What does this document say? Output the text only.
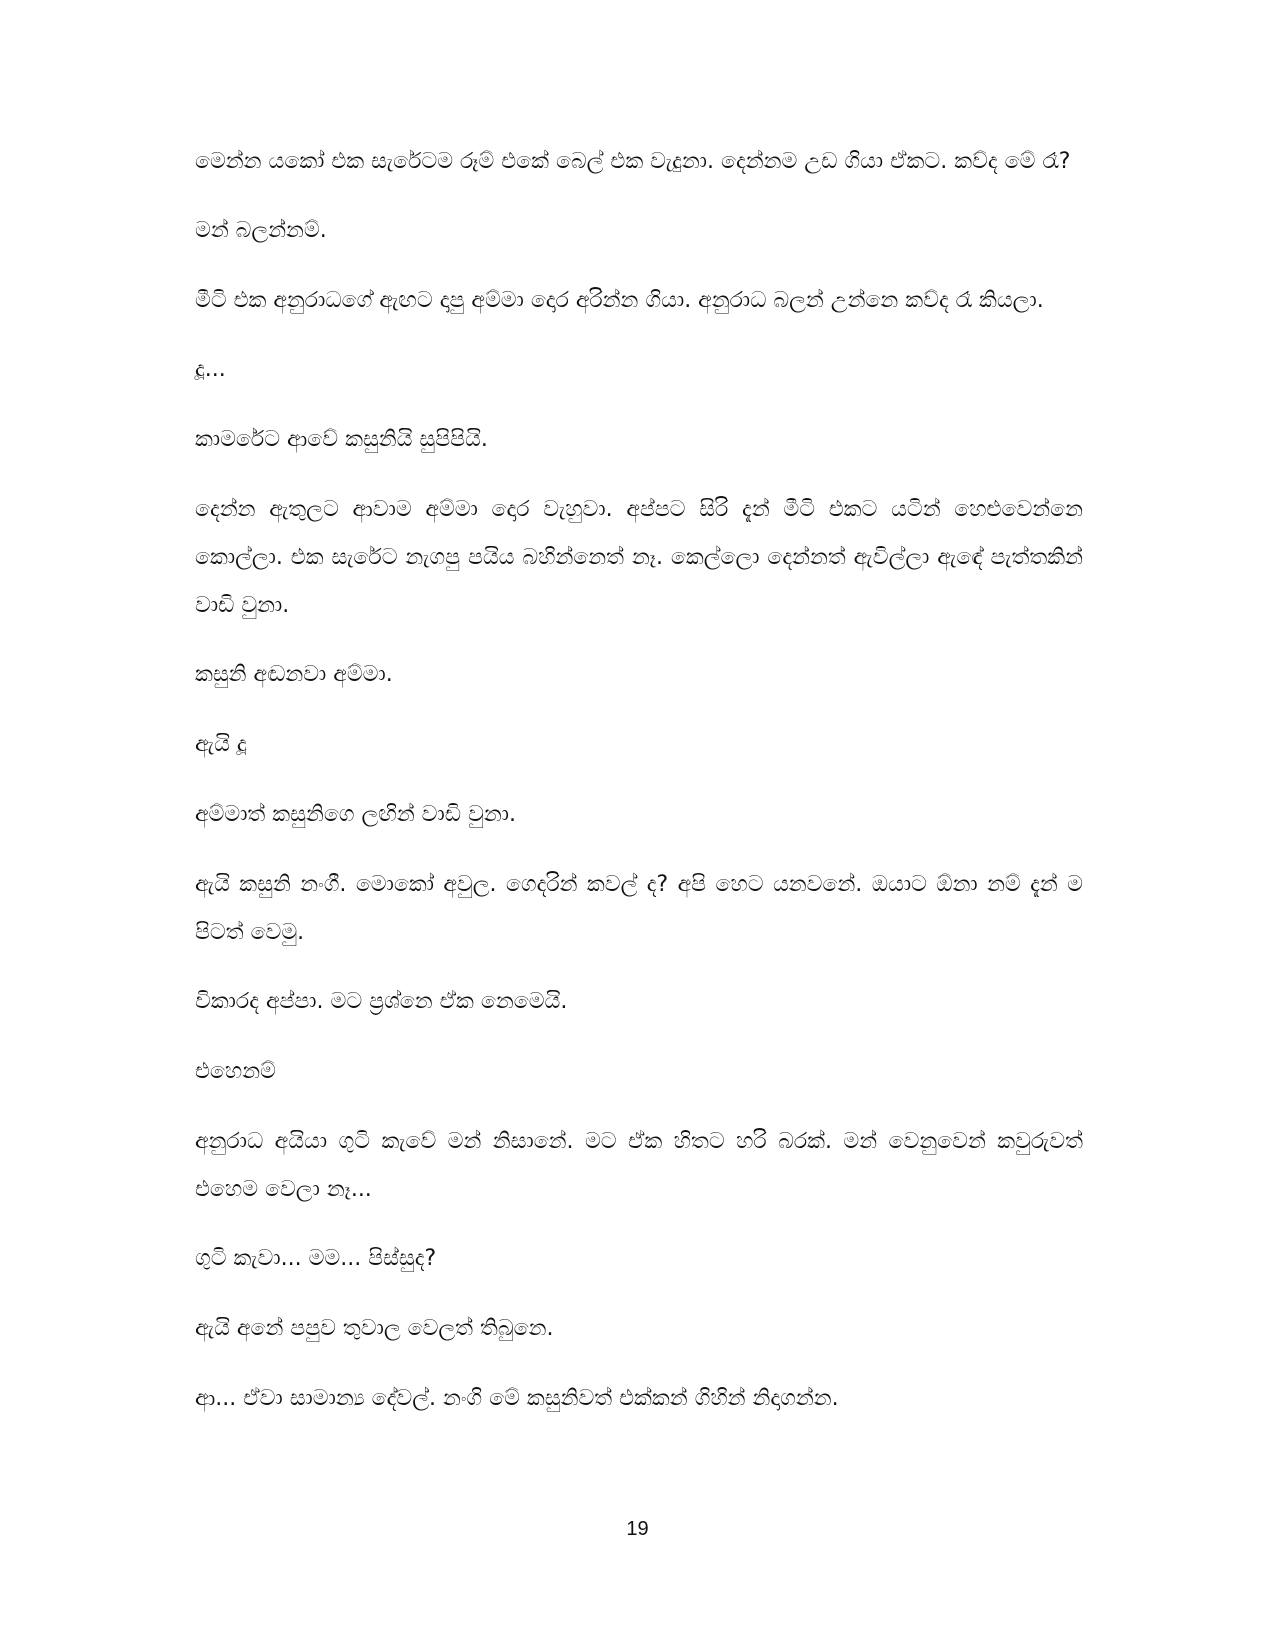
මෙන්න යකෝ එක සැරේටම රූම් එකේ බෙල් එක වැදුනා. දෙන්නම උඩ ගියා ඒකට. කව්ද මේ රෑ?

මන් බලන්නම්.

මීටි එක අනුරාධගේ ඇඟට දාපු අම්මා දොර අරින්න ගියා. අනුරාධ බලන් උන්නෙ කව්ද රෑ කියලා.

දූ...

කාමරේට ආවේ කසුනියි සුපිපියි.

දෙන්න ඇතුලට ආවාම අම්මා දොර වැහුවා. අප්පට සිරි දැන් මීටි එකට යටින් හෙළුවෙන්නෙ කොල්ලා. එක සැරේට නැගපු පයිය බහින්නෙත් නෑ. කෙල්ලො දෙන්නත් ඇවිල්ලා ඇඳේ පැත්තකින් වාඩි වුනා.

කසුනි අඬනවා අම්මා.

ඇයි දූ

අම්මාත් කසුනිගෙ ලඟින් වාඩි වුනා.

ඇයි කසුනි නංගී. මොකෝ අවුල. ගෙදරින් කවල් ද? අපි හෙට යනවනේ. ඔයාට ඕනා නම් දැන් ම පිටත් වෙමු.

විකාරද අප්පා. මට ප්‍රශ්නෙ ඒක නෙමෙයි.

එහෙනම්

අනුරාධ අයියා ගුටි කැවේ මන් නිසානේ. මට ඒක හිතට හරි බරක්. මන් වෙනුවෙන් කවුරුවත් එහෙම වෙලා නෑ...

ගුටි කැවා... මම... පිස්සුද?

ඇයි අනේ පපුව තුවාල වෙලත් තිබුනෙ.

ආ... ඒවා සාමාන්‍ය දේවල්. නංගි මේ කසුනිවත් එක්කන් ගිහින් නිදාගන්න.

19
